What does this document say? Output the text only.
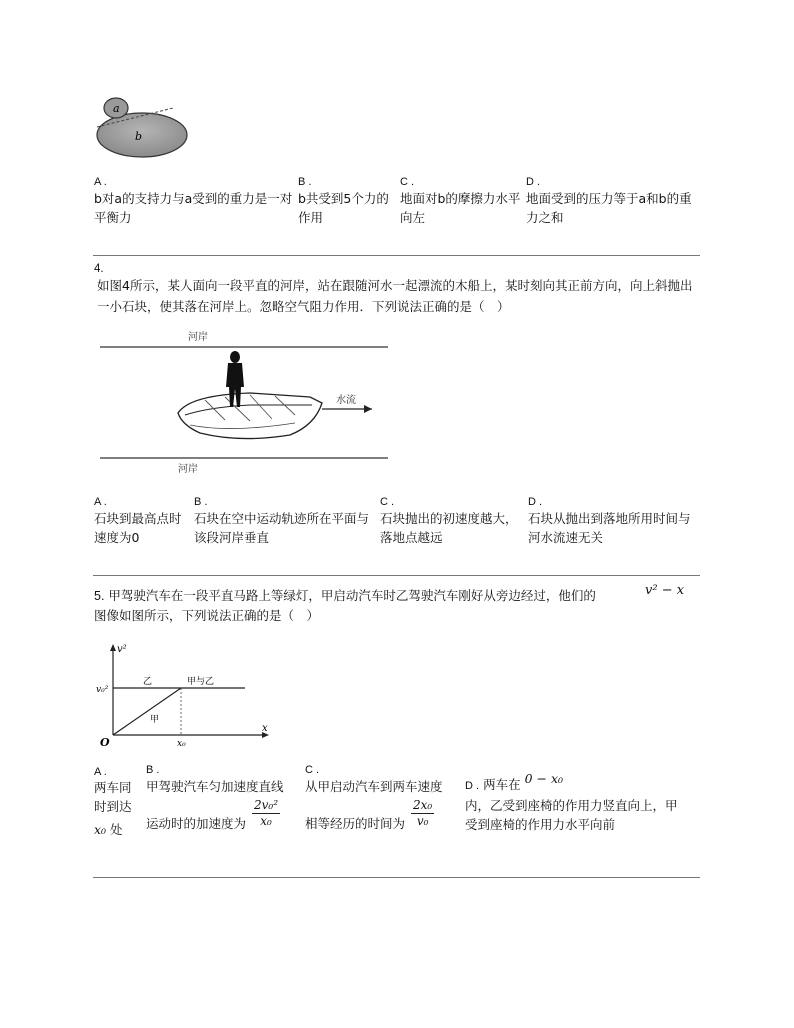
a
b
A .
b对a的支持力与a受到的重力是一对平衡力
B .
b共受到5个力的作用
C .
地面对b的摩擦力水平向左
D .
地面受到的压力等于a和b的重力之和
4.
如图4所示，某人面向一段平直的河岸，站在跟随河水一起漂流的木船上，某时刻向其正前方向，向上斜抛出一小石块，使其落在河岸上。忽略空气阻力作用．下列说法正确的是（　）
河岸
河岸
水流
A .
石块到最高点时速度为0
B .
石块在空中运动轨迹所在平面与该段河岸垂直
C .
石块抛出的初速度越大，落地点越远
D .
石块从抛出到落地所用时间与河水流速无关
5. 甲驾驶汽车在一段平直马路上等绿灯，甲启动汽车时乙驾驶汽车刚好从旁边经过，他们的	v² − x
图像如图所示，下列说法正确的是（　）
v²
x
O
v₀²
x₀
乙
甲
甲与乙
A .
两车同
时到达
x₀ 处
B .
甲驾驶汽车匀加速度直线
运动时的加速度为 $\frac{\text{2v₀²}}{\text{x₀}}$
C .
从甲启动汽车到两车速度
相等经历的时间为 $\frac{\text{2x₀}}{\text{v₀}}$
D . 两车在 0 − x₀
内，乙受到座椅的作用力竖直向上，甲
受到座椅的作用力水平向前
